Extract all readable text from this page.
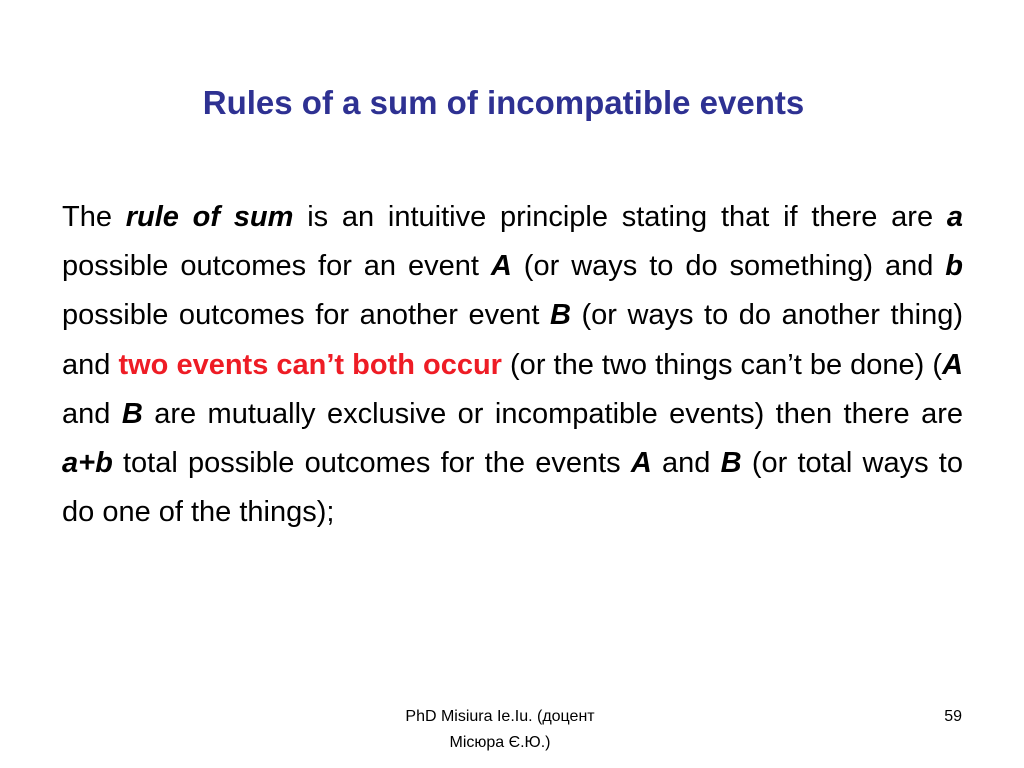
Rules of a sum of incompatible events

The rule of sum is an intuitive principle stating that if there are a possible outcomes for an event A (or ways to do something) and b possible outcomes for another event B (or ways to do another thing) and two events can’t both occur (or the two things can’t be done) (A and B are mutually exclusive or incompatible events) then there are a+b total possible outcomes for the events A and B (or total ways to do one of the things);

PhD Misiura Ie.Iu. (доцент
Місюра Є.Ю.)
59
